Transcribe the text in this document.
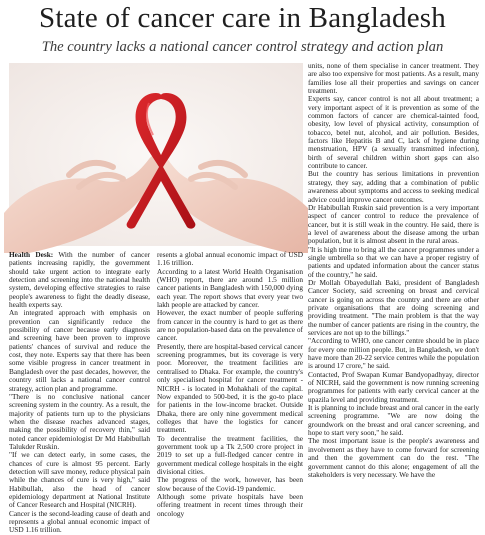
State of cancer care in Bangladesh
The country lacks a national cancer control strategy and action plan

Health Desk: With the number of cancer patients increasing rapidly, the government should take urgent action to integrate early detection and screening into the national health system, developing effective strategies to raise people's awareness to fight the deadly disease, health experts say.

An integrated approach with emphasis on prevention can significantly reduce the possibility of cancer because early diagnosis and screening have been proven to improve patients' chances of survival and reduce the cost, they note. Experts say that there has been some visible progress in cancer treatment in Bangladesh over the past decades, however, the country still lacks a national cancer control strategy, action plan and programme.

"There is no conclusive national cancer screening system in the country. As a result, the majority of patients turn up to the physicians when the disease reaches advanced stages, making the possibility of recovery thin," said noted cancer epidemiologist Dr Md Habibullah Talukder Ruskin.

"If we can detect early, in some cases, the chances of cure is almost 95 percent. Early detection will save money, reduce physical pain while the chances of cure is very high," said Habibullah, also the head of cancer epidemiology department at National Institute of Cancer Research and Hospital (NICRH).

Cancer is the second-leading cause of death and represents a global annual economic impact of USD 1.16 trillion.

resents a global annual economic impact of USD 1.16 trillion.

According to a latest World Health Organisation (WHO) report, there are around 1.5 million cancer patients in Bangladesh with 150,000 dying each year. The report shows that every year two lakh people are attacked by cancer.

However, the exact number of people suffering from cancer in the country is hard to get as there are no population-based data on the prevalence of cancer.

Presently, there are hospital-based cervical cancer screening programmes, but its coverage is very poor. Moreover, the treatment facilities are centralised to Dhaka. For example, the country's only specialised hospital for cancer treatment - NICRH - is located in Mohakhali of the capital. Now expanded to 500-bed, it is the go-to place for patients in the low-income bracket. Outside Dhaka, there are only nine government medical colleges that have the logistics for cancer treatment.

To decentralise the treatment facilities, the government took up a Tk 2,500 crore project in 2019 to set up a full-fledged cancer centre in government medical college hospitals in the eight divisional cities.

The progress of the work, however, has been slow because of the Covid-19 pandemic.

Although some private hospitals have been offering treatment in recent times through their oncology

units, none of them specialise in cancer treatment. They are also too expensive for most patients. As a result, many families lose all their properties and savings on cancer treatment.

Experts say, cancer control is not all about treatment; a very important aspect of it is prevention as some of the common factors of cancer are chemical-tainted food, obesity, low level of physical activity, consumption of tobacco, betel nut, alcohol, and air pollution. Besides, factors like Hepatitis B and C, lack of hygiene during menstruation, HPV (a sexually transmitted infection), birth of several children within short gaps can also contribute to cancer.

But the country has serious limitations in prevention strategy, they say, adding that a combination of public awareness about symptoms and access to seeking medical advice could improve cancer outcomes.

Dr Habibullah Ruskin said prevention is a very important aspect of cancer control to reduce the prevalence of cancer, but it is still weak in the country. He said, there is a level of awareness about the disease among the urban population, but it is almost absent in the rural areas.

"It is high time to bring all the cancer programmes under a single umbrella so that we can have a proper registry of patients and updated information about the cancer status of the country," he said.

Dr Mollah Obayedullah Baki, president of Bangladesh Cancer Society, said screening on breast and cervical cancer is going on across the country and there are other private organisations that are doing screening and providing treatment. "The main problem is that the way the number of cancer patients are rising in the country, the services are not up to the billings."

"According to WHO, one cancer centre should be in place for every one million people. But, in Bangladesh, we don't have more than 20-22 service centres while the population is around 17 crore," he said.

Contacted, Prof Swapan Kumar Bandyopadhyay, director of NICRH, said the government is now running screening programmes for patients with early cervical cancer at the upazila level and providing treatment.

It is planning to include breast and oral cancer in the early screening programme. "We are now doing the groundwork on the breast and oral cancer screening, and hope to start very soon," he said.

The most important issue is the people's awareness and involvement as they have to come forward for screening and then the government can do the rest. "The government cannot do this alone; engagement of all the stakeholders is very necessary. We have the
